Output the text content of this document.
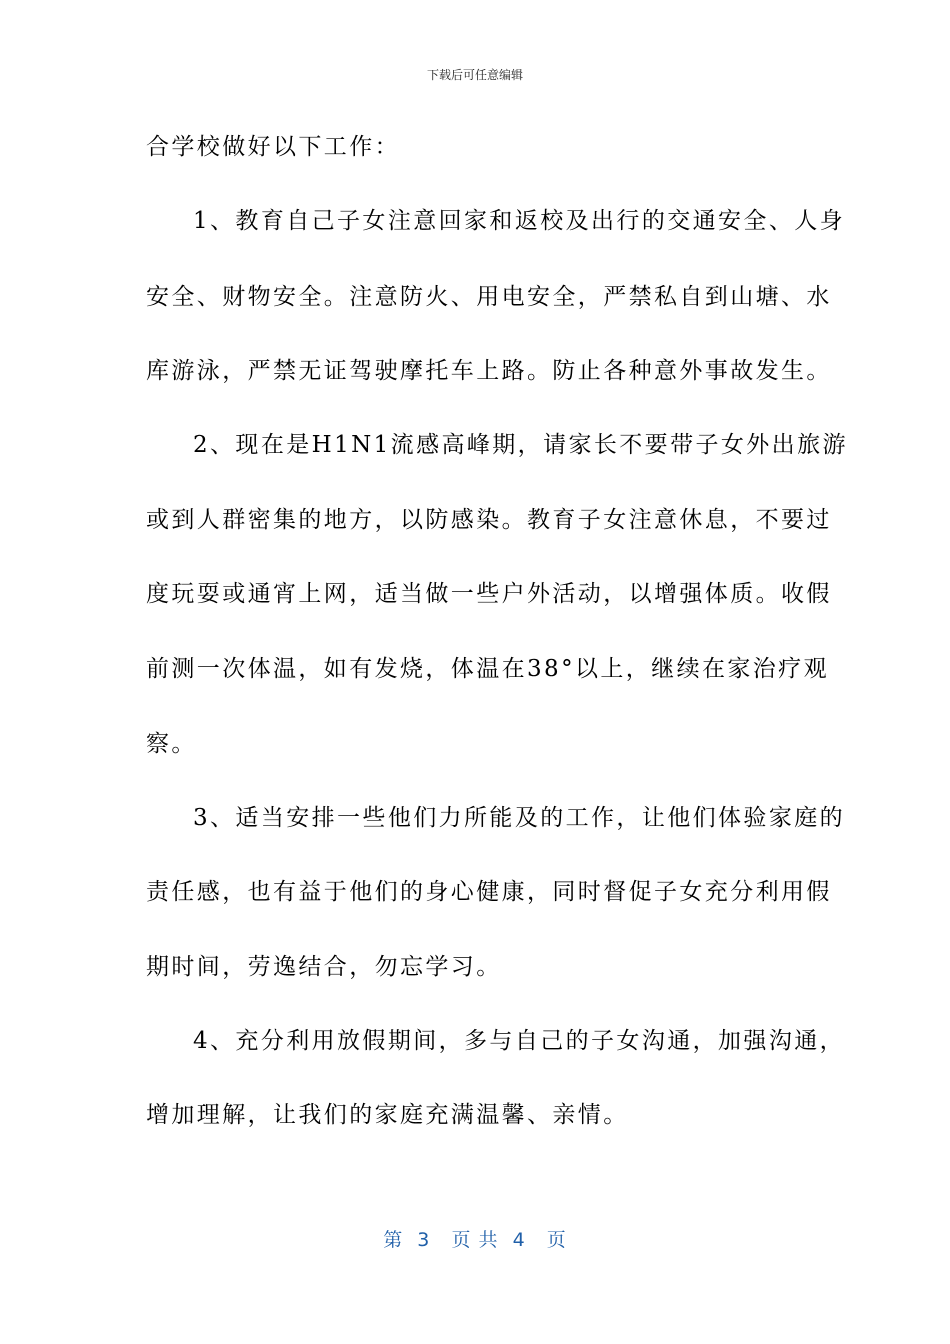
下载后可任意编辑
合学校做好以下工作：
1、教育自己子女注意回家和返校及出行的交通安全、人身
安全、财物安全。注意防火、用电安全，严禁私自到山塘、水
库游泳，严禁无证驾驶摩托车上路。防止各种意外事故发生。
2、现在是H1N1流感高峰期，请家长不要带子女外出旅游
或到人群密集的地方，以防感染。教育子女注意休息，不要过
度玩耍或通宵上网，适当做一些户外活动，以增强体质。收假
前测一次体温，如有发烧，体温在38°以上，继续在家治疗观
察。
3、适当安排一些他们力所能及的工作，让他们体验家庭的
责任感，也有益于他们的身心健康，同时督促子女充分利用假
期时间，劳逸结合，勿忘学习。
4、充分利用放假期间，多与自己的子女沟通，加强沟通，
增加理解，让我们的家庭充满温馨、亲情。
第  3   页 共  4   页
